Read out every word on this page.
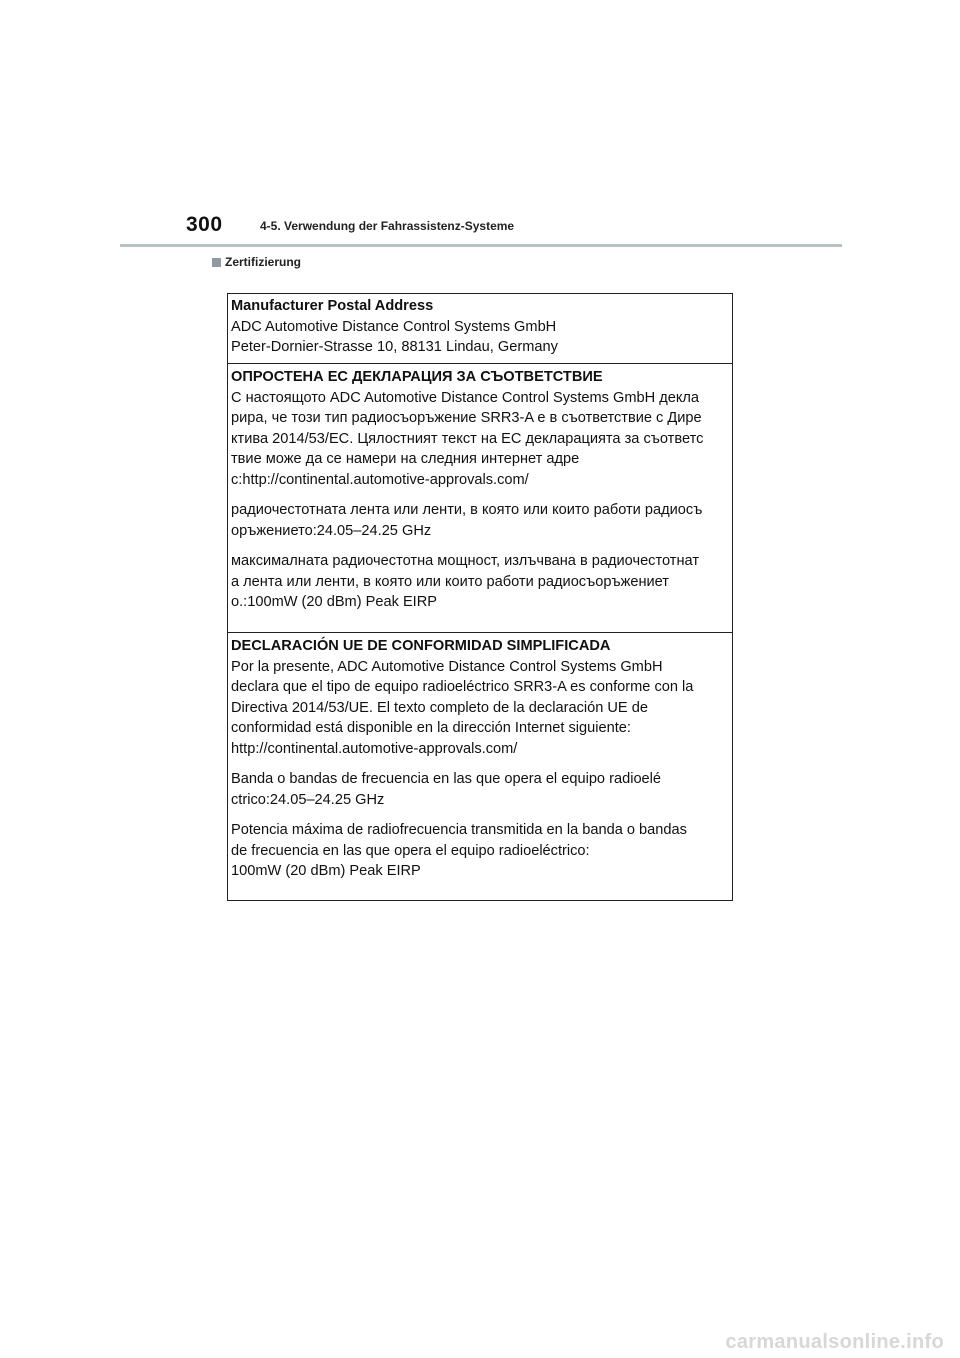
300	4-5. Verwendung der Fahrassistenz-Systeme
Zertifizierung
Manufacturer Postal Address
ADC Automotive Distance Control Systems GmbH
Peter-Dornier-Strasse 10, 88131 Lindau, Germany
ОПРОСТЕНА ЕС ДЕКЛАРАЦИЯ ЗА СЪОТВЕТСТВИЕ
С настоящото ADC Automotive Distance Control Systems GmbH декла
рира, че този тип радиосъоръжение SRR3-A е в съответствие с Дире
ктива 2014/53/ЕС. Цялостният текст на ЕС декларацията за съответс
твие може да се намери на следния интернет адре
c:http://continental.automotive-approvals.com/
радиочестотната лента или ленти, в която или които работи радиосъ
оръжението:24.05–24.25 GHz
максималната радиочестотна мощност, излъчвана в радиочестотнат
а лента или ленти, в която или които работи радиосъоръжениет
о.:100mW (20 dBm) Peak EIRP
DECLARACIÓN UE DE CONFORMIDAD SIMPLIFICADA
Por la presente, ADC Automotive Distance Control Systems GmbH
declara que el tipo de equipo radioeléctrico SRR3-A es conforme con la
Directiva 2014/53/UE. El texto completo de la declaración UE de
conformidad está disponible en la dirección Internet siguiente:
http://continental.automotive-approvals.com/
Banda o bandas de frecuencia en las que opera el equipo radioelé
ctrico:24.05–24.25 GHz
Potencia máxima de radiofrecuencia transmitida en la banda o bandas
de frecuencia en las que opera el equipo radioeléctrico:
100mW (20 dBm) Peak EIRP
carmanualsonline.info
